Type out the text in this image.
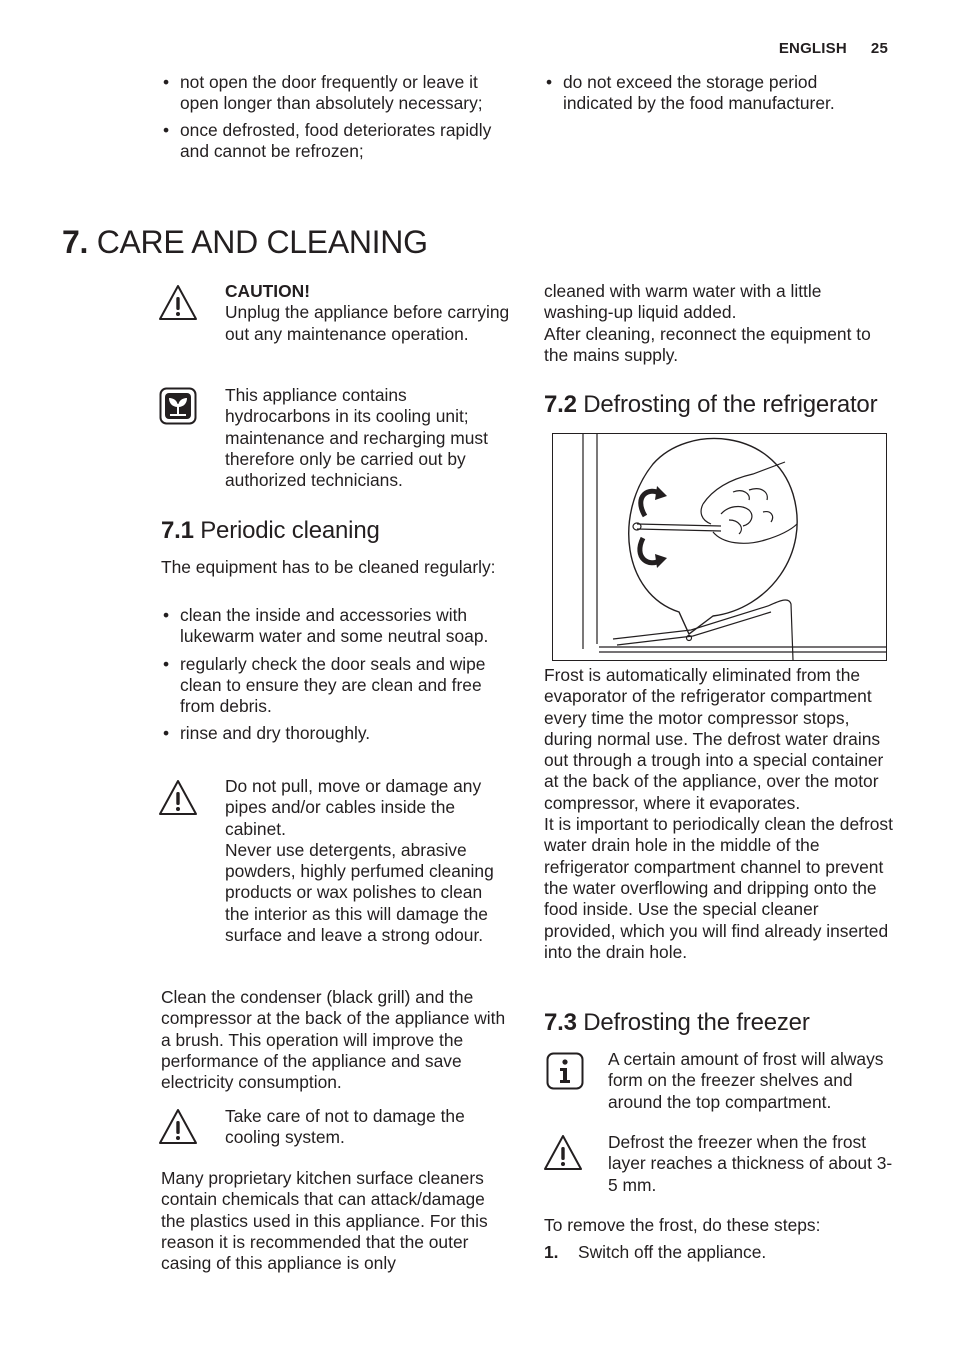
ENGLISH 25
• not open the door frequently or leave it open longer than absolutely necessary;
• once defrosted, food deteriorates rapidly and cannot be refrozen;
• do not exceed the storage period indicated by the food manufacturer.
7. CARE AND CLEANING

CAUTION!

Unplug the appliance before carrying out any maintenance operation.

This appliance contains hydrocarbons in its cooling unit; maintenance and recharging must therefore only be carried out by authorized technicians.

7.1 Periodic cleaning

The equipment has to be cleaned regularly:

• clean the inside and accessories with lukewarm water and some neutral soap.
• regularly check the door seals and wipe clean to ensure they are clean and free from debris.
• rinse and dry thoroughly.

Do not pull, move or damage any pipes and/or cables inside the cabinet.

Never use detergents, abrasive powders, highly perfumed cleaning products or wax polishes to clean the interior as this will damage the surface and leave a strong odour.

Clean the condenser (black grill) and the compressor at the back of the appliance with a brush. This operation will improve the performance of the appliance and save electricity consumption.

Take care of not to damage the cooling system.

Many proprietary kitchen surface cleaners contain chemicals that can attack/damage the plastics used in this appliance. For this reason it is recommended that the outer casing of this appliance is only

cleaned with warm water with a little washing-up liquid added.

After cleaning, reconnect the equipment to the mains supply.

7.2 Defrosting of the refrigerator

Frost is automatically eliminated from the evaporator of the refrigerator compartment every time the motor compressor stops, during normal use. The defrost water drains out through a trough into a special container at the back of the appliance, over the motor compressor, where it evaporates.

It is important to periodically clean the defrost water drain hole in the middle of the refrigerator compartment channel to prevent the water overflowing and dripping onto the food inside. Use the special cleaner provided, which you will find already inserted into the drain hole.

7.3 Defrosting the freezer

A certain amount of frost will always form on the freezer shelves and around the top compartment.

Defrost the freezer when the frost layer reaches a thickness of about 3-5 mm.

To remove the frost, do these steps:

1. Switch off the appliance.
